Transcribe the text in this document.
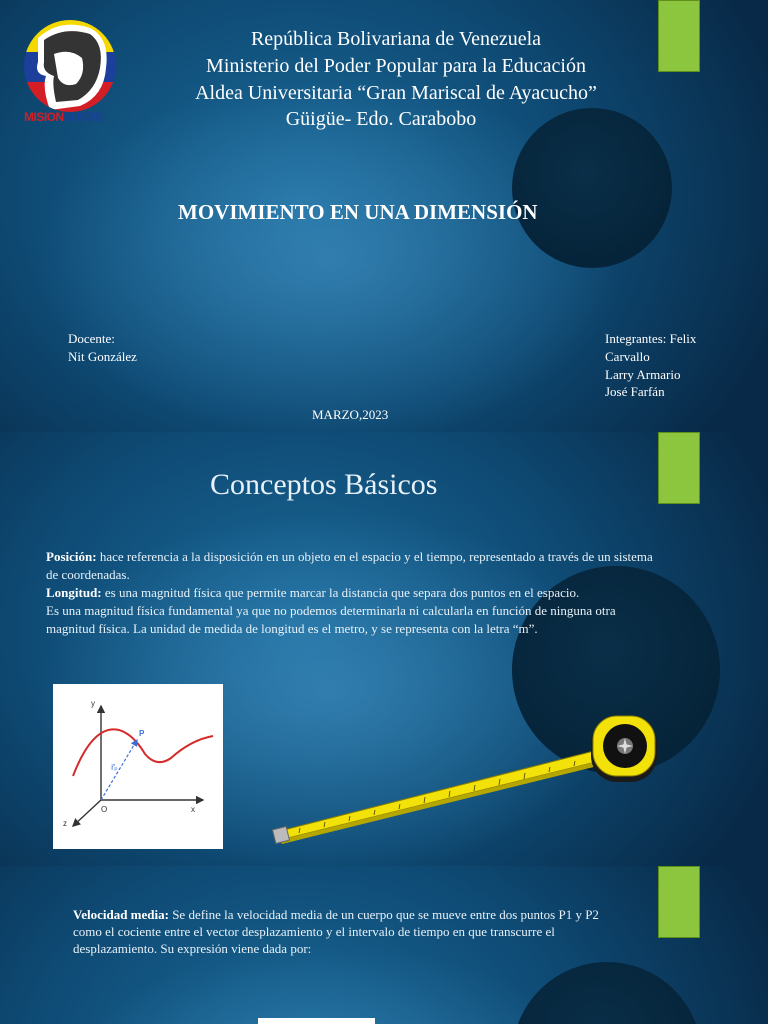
MISIONSUCRE
República Bolivariana de Venezuela
Ministerio del Poder Popular para la Educación
Aldea Universitaria “Gran Mariscal de Ayacucho”
Güigüe- Edo. Carabobo
MOVIMIENTO EN UNA DIMENSIÓN
Docente:
Nit González
Integrantes: Felix
Carvallo
Larry Armario
José Farfán
MARZO,2023
Conceptos Básicos
Posición: hace referencia a la disposición en un objeto en el espacio y el tiempo, representado a través de un sistema de coordenadas.
Longitud: es una magnitud física que permite marcar la distancia que separa dos puntos en el espacio.
Es una magnitud física fundamental ya que no podemos determinarla ni calcularla en función de ninguna otra magnitud física. La unidad de medida de longitud es el metro, y se representa con la letra “m”.
y
x
z
O
P
r⃗ₚ
Velocidad media: Se define la velocidad media de un cuerpo que se mueve entre dos puntos P1 y P2 como el cociente entre el vector desplazamiento y el intervalo de tiempo en que transcurre el desplazamiento. Su expresión viene dada por:
